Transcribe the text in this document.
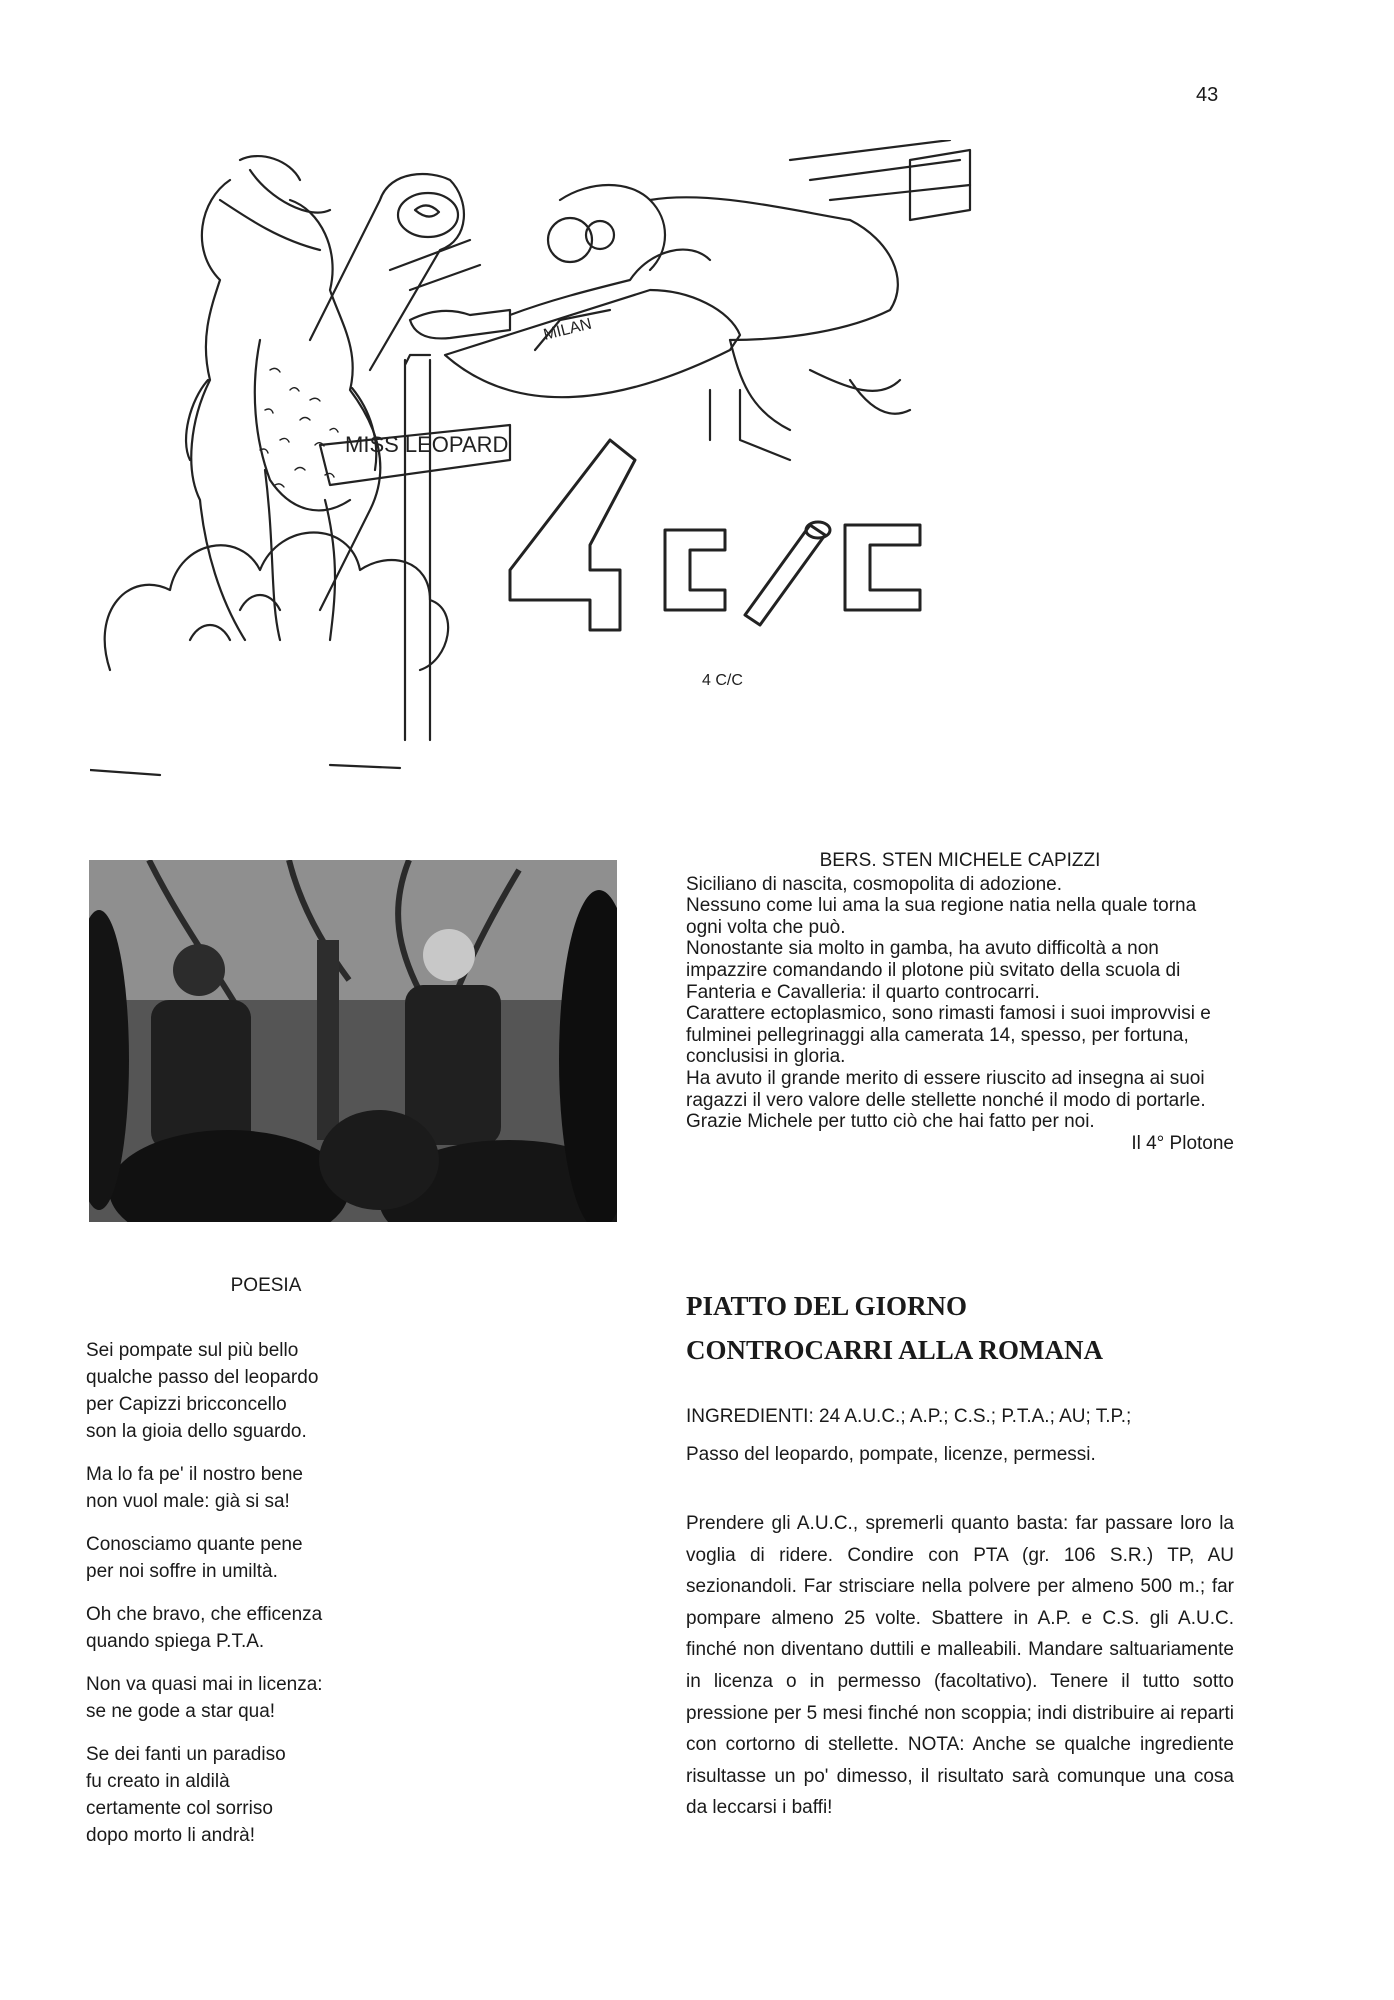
43
MISS LEOPARD
MILAN
4 C/C

BERS. STEN MICHELE CAPIZZI

Siciliano di nascita, cosmopolita di adozione.

Nessuno come lui ama la sua regione natia nella quale torna ogni volta che può.

Nonostante sia molto in gamba, ha avuto difficoltà a non impazzire comandando il plotone più svitato della scuola di Fanteria e Cavalleria: il quarto controcarri.

Carattere ectoplasmico, sono rimasti famosi i suoi improvvisi e fulminei pellegrinaggi alla camerata 14, spesso, per fortuna, conclusisi in gloria.

Ha avuto il grande merito di essere riuscito ad insegna ai suoi ragazzi il vero valore delle stellette nonché il modo di portarle.

Grazie Michele per tutto ciò che hai fatto per noi.

Il 4° Plotone

POESIA
Sei pompate sul più bello
qualche passo del leopardo
per Capizzi bricconcello
son la gioia dello sguardo.
Ma lo fa pe' il nostro bene
non vuol male: già si sa!
Conosciamo quante pene
per noi soffre in umiltà.
Oh che bravo, che efficenza
quando spiega P.T.A.
Non va quasi mai in licenza:
se ne gode a star qua!
Se dei fanti un paradiso
fu creato in aldilà
certamente col sorriso
dopo morto li andrà!
PIATTO DEL GIORNO
CONTROCARRI ALLA ROMANA
INGREDIENTI: 24 A.U.C.; A.P.; C.S.; P.T.A.; AU; T.P.;
Passo del leopardo, pompate, licenze, permessi.

Prendere gli A.U.C., spremerli quanto basta: far passare loro la voglia di ridere. Condire con PTA (gr. 106 S.R.) TP, AU sezionandoli. Far strisciare nella polvere per almeno 500 m.; far pompare almeno 25 volte. Sbattere in A.P. e C.S. gli A.U.C. finché non diventano duttili e malleabili. Mandare saltuariamente in licenza o in permesso (facoltativo). Tenere il tutto sotto pressione per 5 mesi finché non scoppia; indi distribuire ai reparti con cortorno di stellette. NOTA: Anche se qualche ingrediente risultasse un po' dimesso, il risultato sarà comunque una cosa da leccarsi i baffi!
